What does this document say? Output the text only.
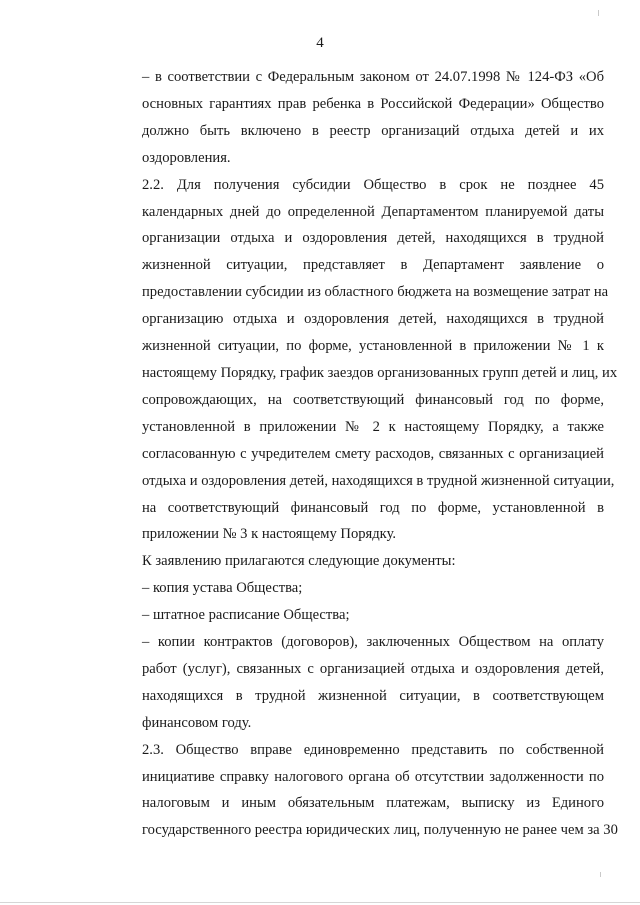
4

– в соответствии с Федеральным законом от 24.07.1998 № 124-ФЗ «Об
основных гарантиях прав ребенка в Российской Федерации» Общество
должно быть включено в реестр организаций отдыха детей и их
оздоровления.

2.2. Для получения субсидии Общество в срок не позднее 45
календарных дней до определенной Департаментом планируемой даты
организации отдыха и оздоровления детей, находящихся в трудной
жизненной ситуации, представляет в Департамент заявление о
предоставлении субсидии из областного бюджета на возмещение затрат на
организацию отдыха и оздоровления детей, находящихся в трудной
жизненной ситуации, по форме, установленной в приложении № 1 к
настоящему Порядку, график заездов организованных групп детей и лиц, их
сопровождающих, на соответствующий финансовый год по форме,
установленной в приложении № 2 к настоящему Порядку, а также
согласованную с учредителем смету расходов, связанных с организацией
отдыха и оздоровления детей, находящихся в трудной жизненной ситуации,
на соответствующий финансовый год по форме, установленной в
приложении № 3 к настоящему Порядку.

К заявлению прилагаются следующие документы:

– копия устава Общества;

– штатное расписание Общества;

– копии контрактов (договоров), заключенных Обществом на оплату
работ (услуг), связанных с организацией отдыха и оздоровления детей,
находящихся в трудной жизненной ситуации, в соответствующем
финансовом году.

2.3. Общество вправе единовременно представить по собственной
инициативе справку налогового органа об отсутствии задолженности по
налоговым и иным обязательным платежам, выписку из Единого
государственного реестра юридических лиц, полученную не ранее чем за 30
